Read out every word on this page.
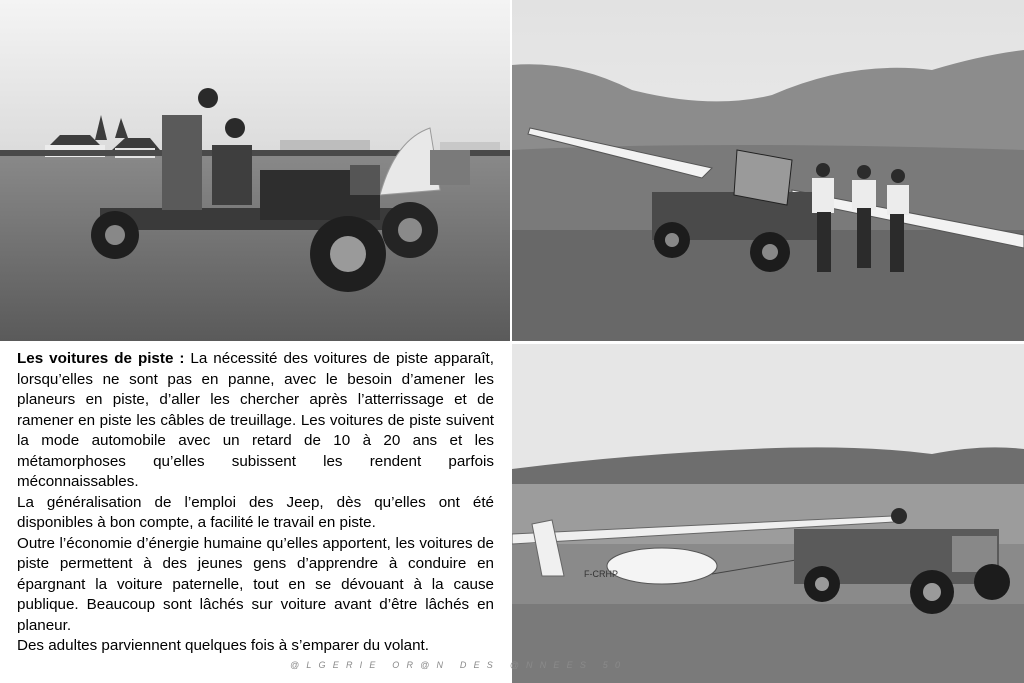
F-CRHP

Les voitures de piste : La nécessité des voitures de piste apparaît, lorsqu’elles ne sont pas en panne, avec le besoin d’amener les planeurs en piste, d’aller les chercher après l’atterrissage et de ramener en piste les câbles de treuillage. Les voitures de piste suivent la mode automobile avec un retard de 10 à 20 ans et les métamorphoses qu’elles subissent les rendent parfois méconnaissables.

La généralisation de l’emploi des Jeep, dès qu’elles ont été disponibles à bon compte, a facilité le travail en piste.

Outre l’économie d’énergie humaine qu’elles apportent, les voitures de piste permettent à des jeunes gens d’apprendre à conduire en épargnant la voiture paternelle, tout en se dévouant à la cause publique. Beaucoup sont lâchés sur voiture avant d’être lâchés en planeur.

Des adultes parviennent quelques fois à s’emparer du volant.

@LGERIE OR@N DES @NNEES 50
